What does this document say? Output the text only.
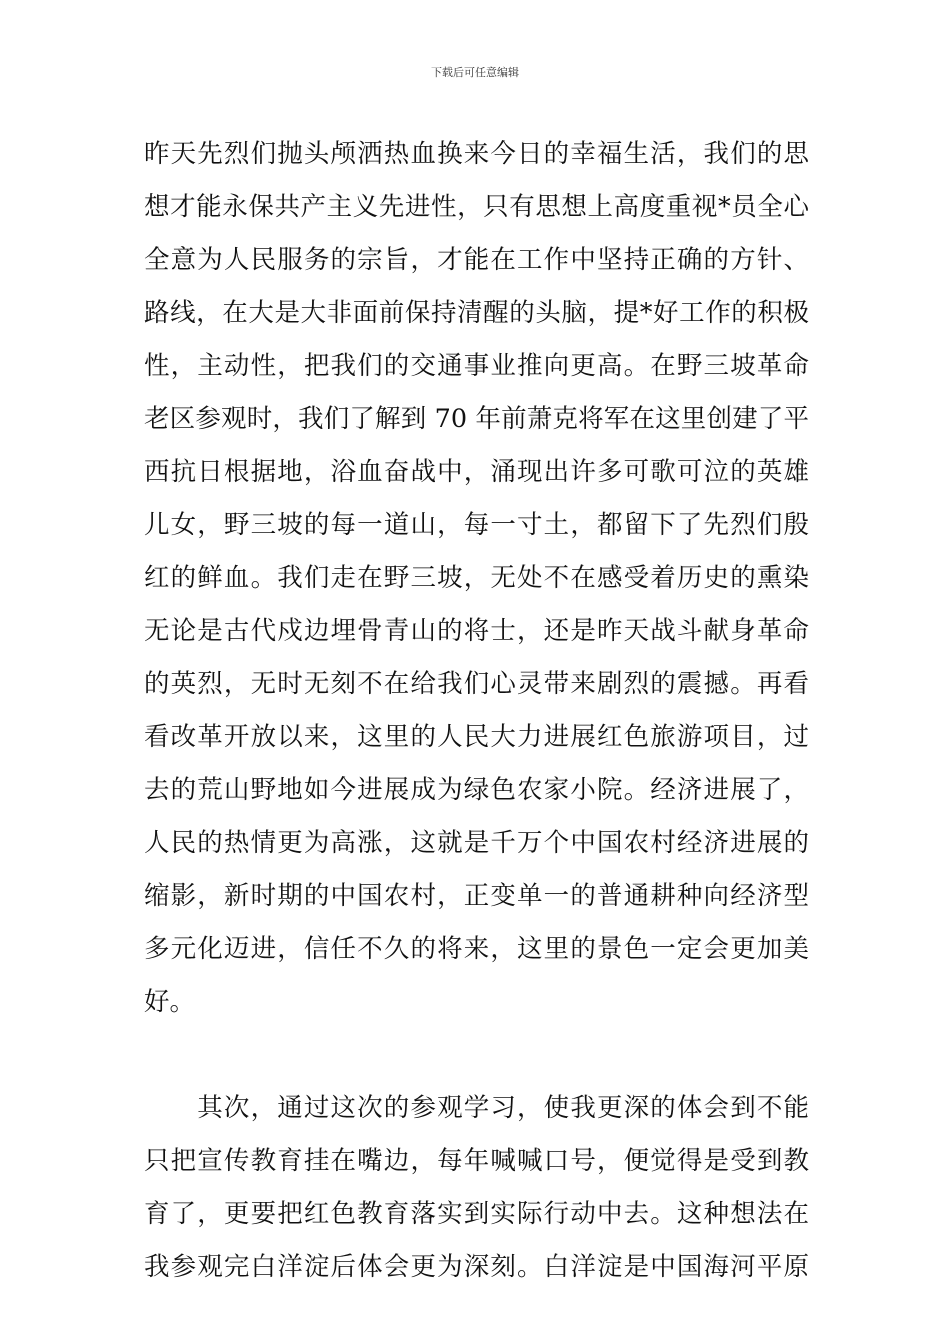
下载后可任意编辑
昨天先烈们抛头颅洒热血换来今日的幸福生活，我们的思
想才能永保共产主义先进性，只有思想上高度重视*员全心
全意为人民服务的宗旨，才能在工作中坚持正确的方针、
路线，在大是大非面前保持清醒的头脑，提*好工作的积极
性，主动性，把我们的交通事业推向更高。在野三坡革命
老区参观时，我们了解到 70 年前萧克将军在这里创建了平
西抗日根据地，浴血奋战中，涌现出许多可歌可泣的英雄
儿女，野三坡的每一道山，每一寸土，都留下了先烈们殷
红的鲜血。我们走在野三坡，无处不在感受着历史的熏染
无论是古代戍边埋骨青山的将士，还是昨天战斗献身革命
的英烈，无时无刻不在给我们心灵带来剧烈的震撼。再看
看改革开放以来，这里的人民大力进展红色旅游项目，过
去的荒山野地如今进展成为绿色农家小院。经济进展了，
人民的热情更为高涨，这就是千万个中国农村经济进展的
缩影，新时期的中国农村，正变单一的普通耕种向经济型
多元化迈进，信任不久的将来，这里的景色一定会更加美
好。
　　其次，通过这次的参观学习，使我更深的体会到不能
只把宣传教育挂在嘴边，每年喊喊口号，便觉得是受到教
育了，更要把红色教育落实到实际行动中去。这种想法在
我参观完白洋淀后体会更为深刻。白洋淀是中国海河平原
